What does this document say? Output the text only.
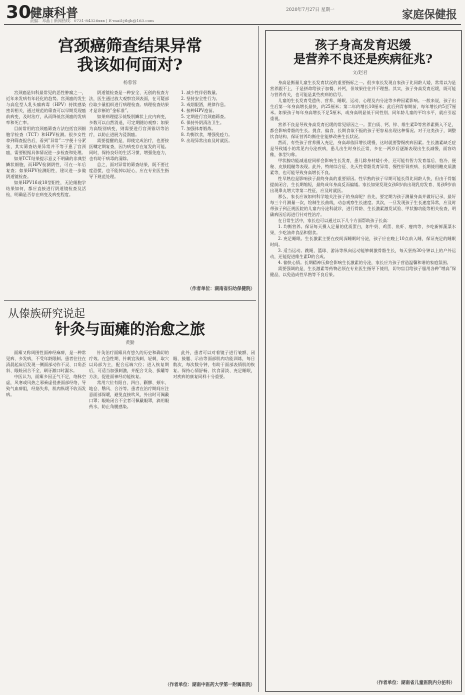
30
健康科普	2020年7月27日 星期一	家庭保健报
责编：邓晶 | 新闻热线：0731-84326xxx | E-mail:jtbjb@163.com
宫颈癌筛查结果异常
我该如何面对?
杨蓉蓉

宫颈癌是妇科最常见的恶性肿瘤之一，近年来发病有年轻化的趋势。宫颈癌的发生与高危型人乳头瘤病毒（HPV）持续感染密切相关，通过规范的筛查可以早期发现癌前病变，及时治疗，从而降低宫颈癌的发病率和死亡率。

目前常用的宫颈癌筛查方法包括宫颈细胞学检查（TCT）和HPV检测。很多女性拿到筛查报告后，看到“异常”二字便十分紧张，其实筛查结果异常并不等于患了宫颈癌，需要根据具体情况进一步检查和处理。

如果TCT结果提示意义不明确的非典型鳞状细胞，而HPV检测阴性，可在一年后复查；如果HPV检测阳性，建议进一步做阴道镜检查。

如果HPV16或18型阳性，无论细胞学结果如何，都应直接进行阴道镜检查及活检，明确是否存在病变及病变程度。

阴道镜检查是一种安全、无创的检查方法，医生通过放大观察宫颈表面，在可疑部位取少量组织进行病理检查。病理检查结果才是诊断的“金标准”。

如果病理提示低级别鳞状上皮内病变，多数可以自然消退，可定期随访观察；如果为高级别病变，则需要进行宫颈锥切等治疗，以防止进展为浸润癌。

需要提醒的是，即使完成治疗，也要按医嘱定期复查，因为病变存在复发的可能。同时，保持良好的生活习惯，增强免疫力，也有助于病毒的清除。

总之，面对异常的筛查结果，既不要过度恐慌，也不能掉以轻心，应在专业医生指导下规范处理。

1. 减少性伴侣数量。

2. 坚持安全性行为。

3. 戒烟限酒，规律作息。

4. 接种HPV疫苗。

5. 定期进行宫颈癌筛查。

6. 保持外阴清洁卫生。

7. 加强体育锻炼。

8. 均衡饮食，增强免疫力。

9. 出现异常出血及时就医。

（作者单位：湖南省妇幼保健院）
从傣族研究说起
针灸与面瘫的治愈之旅
黄勤

面瘫又称周围性面神经麻痹，是一种常见病、多发病，不受年龄限制。患者往往在清晨起床后发现一侧面部动作不灵、口角歪斜、眼睑闭合不全，刷牙漱口时漏水。

中医认为，面瘫多因正气不足，络脉空虚，风寒或风热之邪乘虚侵袭面部经络，导致气血痹阻，经筋失养，肌肉纵缓不收而发病。

针灸治疗面瘫具有悠久的历史和确切的疗效。在急性期，针刺宜浅刺、轻刺，取穴以局部为主，配合远端穴位；进入恢复期后，可适当加强刺激，并配合艾灸、拔罐等方法，促进面神经功能恢复。

常用穴位有阳白、四白、颧髎、颊车、地仓、翳风、合谷等。患者在治疗期间应注意面部保暖，避免直接吹风，外出时可佩戴口罩；眼睑闭合不全者可佩戴眼罩，滴用眼药水，防止角膜感染。

此外，患者可以对着镜子进行皱额、闭眼、鼓腮、示齿等面部肌肉功能训练，每日数次，每次数分钟，有助于面部表情肌的恢复。保持心情舒畅、饮食清淡、充足睡眠，对疾病的康复同样十分重要。

（作者单位：湖南中医药大学第一附属医院）
孩子身高发育迟缓
是营养不良还是疾病征兆?
文/赵君

身高是衡量儿童生长发育状况的重要指标之一。很多家长发现自家孩子比同龄人矮，常常以为是营养跟不上，于是拼命给孩子加餐、补钙，但效果往往并不理想。其实，孩子身高发育迟缓，既可能与营养有关，也可能是某些疾病的信号。

儿童的生长发育受遗传、营养、睡眠、运动、心理及内分泌等多种因素影响。一般来说，孩子出生后第一年身高增长最快，约25厘米；第二年约增长10厘米；此后到青春期前，每年增长约5至7厘米。如果孩子每年身高增长不足5厘米，或身高明显低于同性别、同年龄儿童的平均水平，就应引起重视。

营养不良是导致身高发育迟缓的常见原因之一。蛋白质、钙、锌、维生素D等营养素摄入不足，都会影响骨骼的生长。挑食、偏食、长期食欲不振的孩子更容易出现这种情况。对于这类孩子，调整饮食结构、保证营养均衡往往能够改善生长状况。

然而，有些孩子营养摄入充足，身高却依旧增长缓慢，这时就要警惕疾病因素。生长激素缺乏症是导致矮小的常见内分泌疾病，患儿出生时身长正常，多在一两岁后逐渐表现出生长减慢，面容幼稚，体型匀称。

甲状腺功能减退症同样会影响生长发育，患儿除身材矮小外，还可能有智力发育落后、怕冷、便秘、皮肤粗糙等表现。此外，特纳综合征、先天性骨骼发育异常、慢性肝肾疾病、长期使用糖皮质激素等，也可能导致身高增长不良。

性早熟也是影响孩子最终身高的重要原因。性早熟的孩子早期可能长得比同龄人快，但由于骨骺提前闭合，生长期缩短，最终成年身高反而偏矮。家长如果发现女孩8岁前出现乳房发育、男孩9岁前出现睾丸增大等第二性征，应及时就医。

那么，家长应该如何科学地关注孩子的身高呢？首先，要定期为孩子测量身高并做好记录，最好每三个月测量一次，绘制生长曲线，动态观察生长速度。其次，一旦发现孩子生长速度异常，应及时带孩子到正规医院的儿童内分泌科就诊，进行骨龄、生长激素激发试验、甲状腺功能等相关检查，明确病因后再进行针对性治疗。

在日常生活中，家长也可以通过以下几个方面帮助孩子长高：

1. 均衡营养。保证每天摄入足量的优质蛋白，如牛奶、鸡蛋、鱼虾、瘦肉等，多吃新鲜蔬菜水果，少吃油炸食品和甜食。

2. 充足睡眠。生长激素主要在夜间深睡眠时分泌，孩子应在晚上10点前入睡，保证充足的睡眠时间。

3. 适当运动。跳绳、篮球、游泳等纵向运动能够刺激骨骼生长，每天坚持30分钟以上的户外运动，还能促进维生素D的合成。

4. 愉快心情。长期精神压抑会影响生长激素的分泌，家长应为孩子营造温馨和谐的家庭氛围。

需要强调的是，生长激素等药物必须在专业医生指导下使用，切勿盲目给孩子服用各种“增高”保健品，以免造成性早熟等不良后果。

（作者单位：湖南省儿童医院内分泌科）
